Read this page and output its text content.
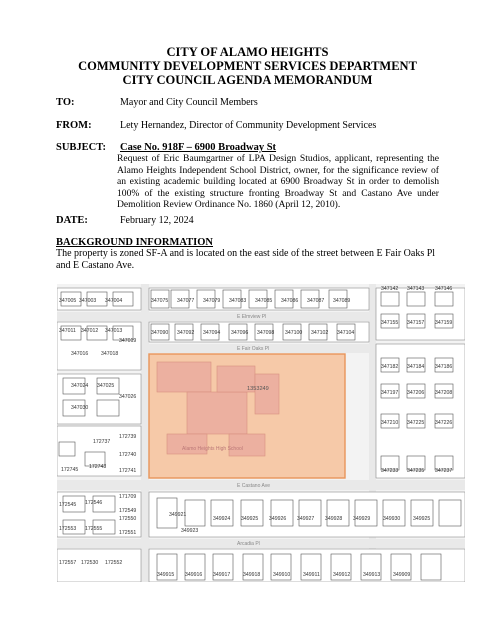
CITY OF ALAMO HEIGHTS
COMMUNITY DEVELOPMENT SERVICES DEPARTMENT
CITY COUNCIL AGENDA MEMORANDUM
TO:	Mayor and City Council Members
FROM:	Lety Hernandez, Director of Community Development Services
SUBJECT: Case No. 918F – 6900 Broadway St
Request of Eric Baumgartner of LPA Design Studios, applicant, representing the Alamo Heights Independent School District, owner, for the significance review of an existing academic building located at 6900 Broadway St in order to demolish 100% of the existing structure fronting Broadway St and Castano Ave under Demolition Review Ordinance No. 1860 (April 12, 2010).
DATE:	February 12, 2024
BACKGROUND INFORMATION
The property is zoned SF-A and is located on the east side of the street between E Fair Oaks Pl and E Castano Ave.
E Elmview Pl
E Fair Oaks Pl
E Castano Ave
Arcadia Pl
1353249
Alamo Heights High School
347005 347003 347004	347075 347077 347079 347083 347085 347086 347087 347089
347090 347092 347094 347096 347098 347100 347102 347104
347011 347012 347013
347019
347016 347018
347024 347025
347026
347030
172737
172739
172740
172741
172743
172745
347142 347143 347146
347155 347157 347159
347182 347184 347186
347197 347206 347208
347210 347225 347226
347233 347235 347237
171709
172549
172550
172551
172545 172546
172553 172555
172557 172530 172552
349921
349923
349924 349925 349926 349927 349928 349929 349930 349925
349915 349916 349917 349918 349910 349911	349912 349913 349909
